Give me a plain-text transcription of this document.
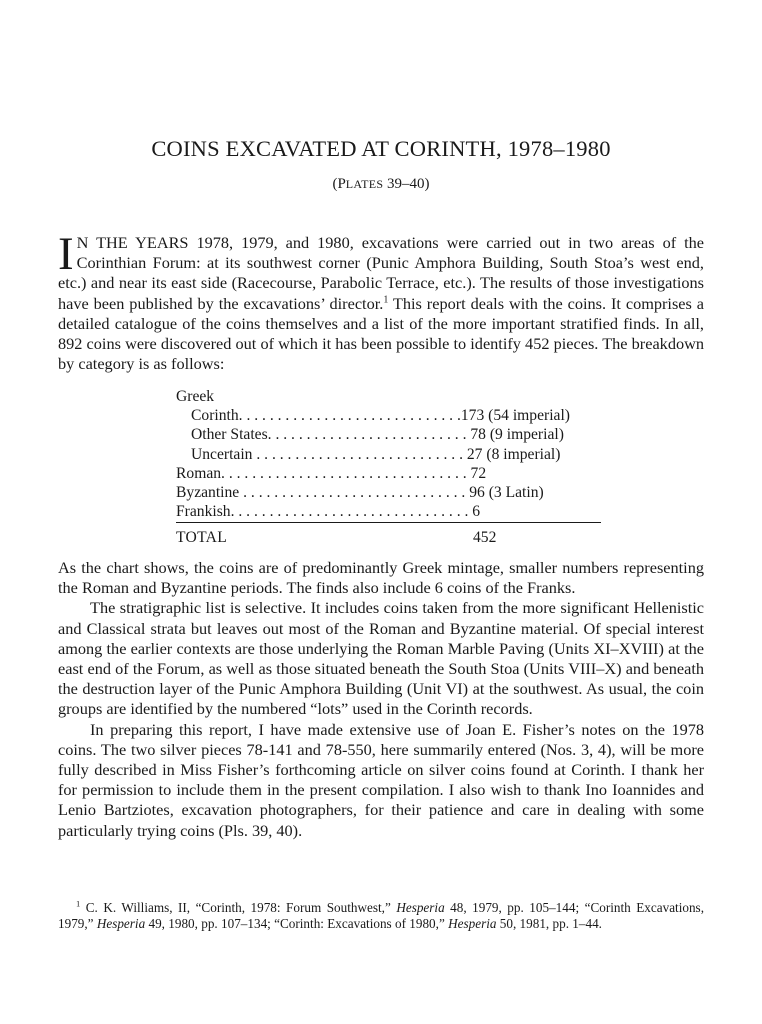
COINS EXCAVATED AT CORINTH, 1978–1980

(PLATES 39–40)

I N THE YEARS 1978, 1979, and 1980, excavations were carried out in two areas of the Corinthian Forum: at its southwest corner (Punic Amphora Building, South Stoa’s west end, etc.) and near its east side (Racecourse, Parabolic Terrace, etc.). The results of those investigations have been published by the excavations’ director.$^1$ This report deals with the coins. It comprises a detailed catalogue of the coins themselves and a list of the more important stratified finds. In all, 892 coins were discovered out of which it has been possible to identify 452 pieces. The breakdown by category is as follows:

Greek
Corinth. . . . . . . . . . . . . . . . . . . . . . . . . . . . .173 (54 imperial)
Other States. . . . . . . . . . . . . . . . . . . . . . . . . . 78 (9 imperial)
Uncertain . . . . . . . . . . . . . . . . . . . . . . . . . . . 27 (8 imperial)
Roman. . . . . . . . . . . . . . . . . . . . . . . . . . . . . . . . 72
Byzantine . . . . . . . . . . . . . . . . . . . . . . . . . . . . . 96 (3 Latin)
Frankish. . . . . . . . . . . . . . . . . . . . . . . . . . . . . . . 6
TOTAL	452

As the chart shows, the coins are of predominantly Greek mintage, smaller numbers representing the Roman and Byzantine periods. The finds also include 6 coins of the Franks.

The stratigraphic list is selective. It includes coins taken from the more significant Hellenistic and Classical strata but leaves out most of the Roman and Byzantine material. Of special interest among the earlier contexts are those underlying the Roman Marble Paving (Units XI–XVIII) at the east end of the Forum, as well as those situated beneath the South Stoa (Units VIII–X) and beneath the destruction layer of the Punic Amphora Building (Unit VI) at the southwest. As usual, the coin groups are identified by the numbered “lots” used in the Corinth records.

In preparing this report, I have made extensive use of Joan E. Fisher’s notes on the 1978 coins. The two silver pieces 78-141 and 78-550, here summarily entered (Nos. 3, 4), will be more fully described in Miss Fisher’s forthcoming article on silver coins found at Corinth. I thank her for permission to include them in the present compilation. I also wish to thank Ino Ioannides and Lenio Bartziotes, excavation photographers, for their patience and care in dealing with some particularly trying coins (Pls. 39, 40).

$^1$ C. K. Williams, II, “Corinth, 1978: Forum Southwest,” Hesperia 48, 1979, pp. 105–144; “Corinth Excavations, 1979,” Hesperia 49, 1980, pp. 107–134; “Corinth: Excavations of 1980,” Hesperia 50, 1981, pp. 1–44.
